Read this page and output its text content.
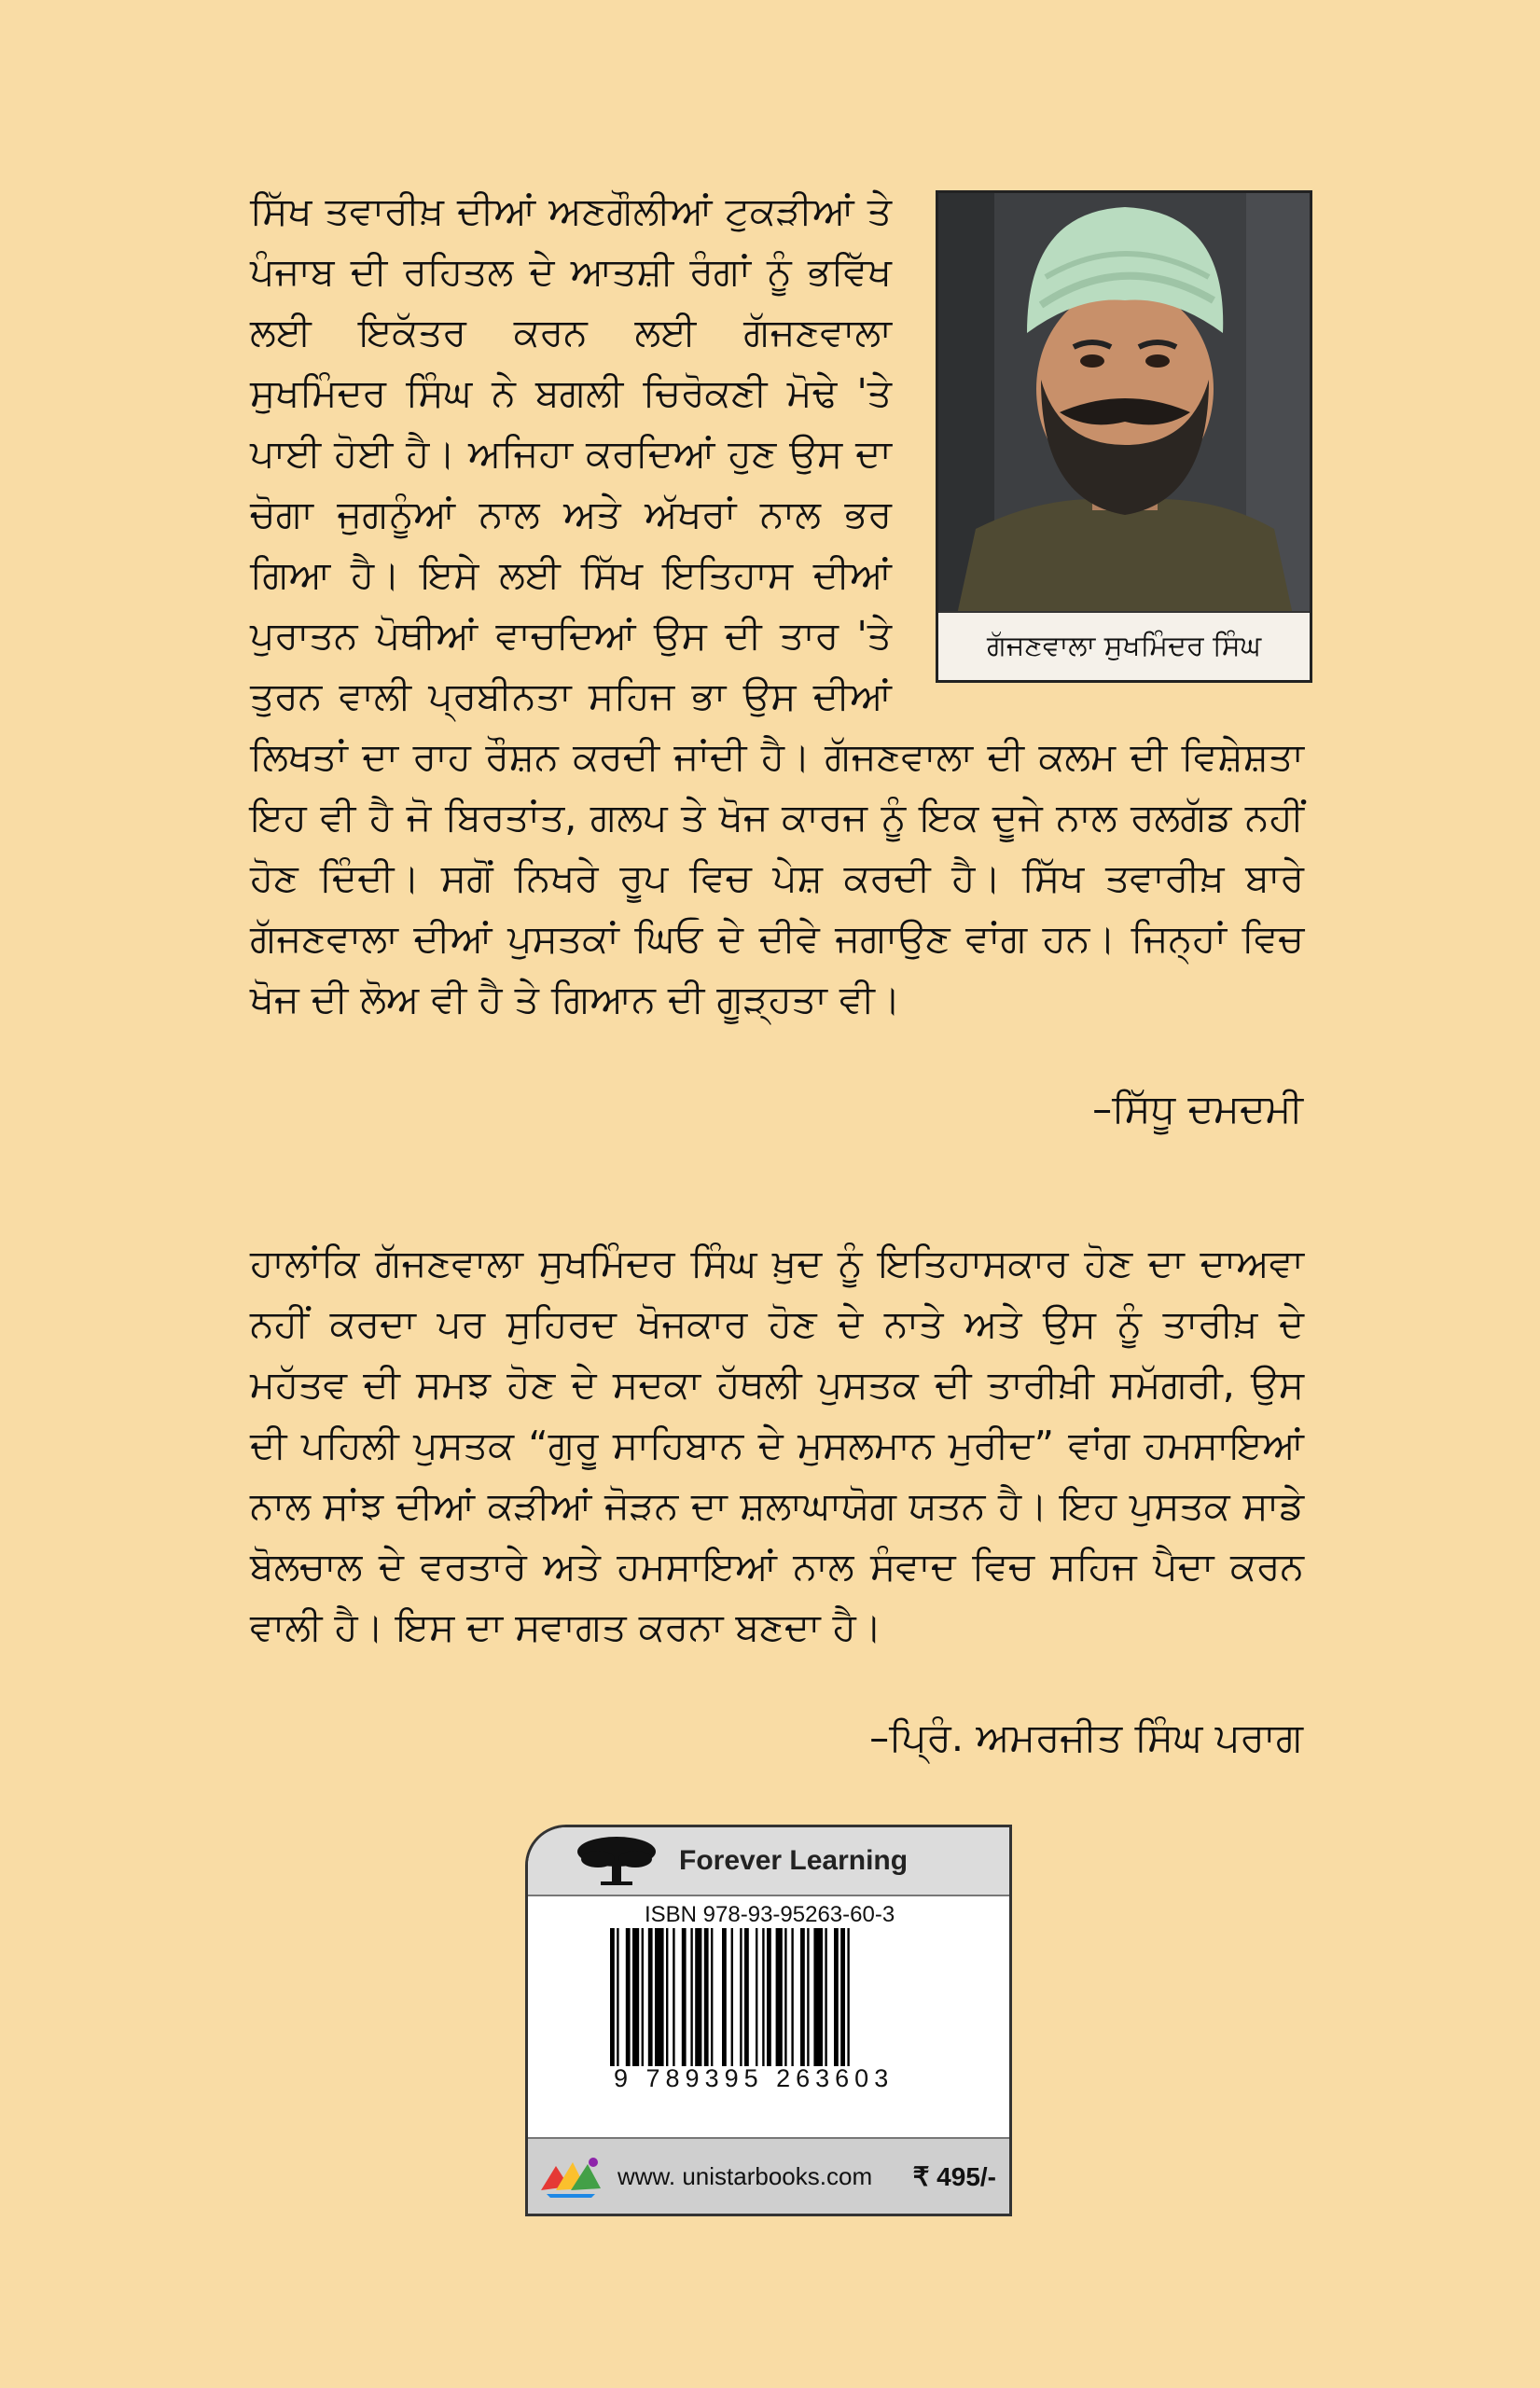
ਸਿੱਖ ਤਵਾਰੀਖ਼ ਦੀਆਂ ਅਣਗੌਲੀਆਂ ਟੁਕੜੀਆਂ ਤੇ ਪੰਜਾਬ ਦੀ ਰਹਿਤਲ ਦੇ ਆਤਸ਼ੀ ਰੰਗਾਂ ਨੂੰ ਭਵਿੱਖ ਲਈ ਇਕੱਤਰ ਕਰਨ ਲਈ ਗੱਜਣਵਾਲਾ ਸੁਖਮਿੰਦਰ ਸਿੰਘ ਨੇ ਬਗਲੀ ਚਿਰੋਕਣੀ ਮੋਢੇ 'ਤੇ ਪਾਈ ਹੋਈ ਹੈ। ਅਜਿਹਾ ਕਰਦਿਆਂ ਹੁਣ ਉਸ ਦਾ ਚੋਗਾ ਜੁਗਨੂੰਆਂ ਨਾਲ ਅਤੇ ਅੱਖਰਾਂ ਨਾਲ ਭਰ ਗਿਆ ਹੈ। ਇਸੇ ਲਈ ਸਿੱਖ ਇਤਿਹਾਸ ਦੀਆਂ ਪੁਰਾਤਨ ਪੋਥੀਆਂ ਵਾਚਦਿਆਂ ਉਸ ਦੀ ਤਾਰ 'ਤੇ ਤੁਰਨ ਵਾਲੀ ਪ੍ਰਬੀਨਤਾ ਸਹਿਜ ਭਾ ਉਸ ਦੀਆਂ ਲਿਖਤਾਂ ਦਾ ਰਾਹ ਰੌਸ਼ਨ ਕਰਦੀ ਜਾਂਦੀ ਹੈ। ਗੱਜਣਵਾਲਾ ਦੀ ਕਲਮ ਦੀ ਵਿਸ਼ੇਸ਼ਤਾ ਇਹ ਵੀ ਹੈ ਜੋ ਬਿਰਤਾਂਤ, ਗਲਪ ਤੇ ਖੋਜ ਕਾਰਜ ਨੂੰ ਇਕ ਦੂਜੇ ਨਾਲ ਰਲਗੱਡ ਨਹੀਂ ਹੋਣ ਦਿੰਦੀ। ਸਗੋਂ ਨਿਖਰੇ ਰੂਪ ਵਿਚ ਪੇਸ਼ ਕਰਦੀ ਹੈ। ਸਿੱਖ ਤਵਾਰੀਖ਼ ਬਾਰੇ ਗੱਜਣਵਾਲਾ ਦੀਆਂ ਪੁਸਤਕਾਂ ਘਿਓ ਦੇ ਦੀਵੇ ਜਗਾਉਣ ਵਾਂਗ ਹਨ। ਜਿਨ੍ਹਾਂ ਵਿਚ ਖੋਜ ਦੀ ਲੋਅ ਵੀ ਹੈ ਤੇ ਗਿਆਨ ਦੀ ਗੂੜ੍ਹਤਾ ਵੀ।

ਗੱਜਣਵਾਲਾ ਸੁਖਮਿੰਦਰ ਸਿੰਘ

–ਸਿੱਧੂ ਦਮਦਮੀ

ਹਾਲਾਂਕਿ ਗੱਜਣਵਾਲਾ ਸੁਖਮਿੰਦਰ ਸਿੰਘ ਖ਼ੁਦ ਨੂੰ ਇਤਿਹਾਸਕਾਰ ਹੋਣ ਦਾ ਦਾਅਵਾ ਨਹੀਂ ਕਰਦਾ ਪਰ ਸੁਹਿਰਦ ਖੋਜਕਾਰ ਹੋਣ ਦੇ ਨਾਤੇ ਅਤੇ ਉਸ ਨੂੰ ਤਾਰੀਖ਼ ਦੇ ਮਹੱਤਵ ਦੀ ਸਮਝ ਹੋਣ ਦੇ ਸਦਕਾ ਹੱਥਲੀ ਪੁਸਤਕ ਦੀ ਤਾਰੀਖ਼ੀ ਸਮੱਗਰੀ, ਉਸ ਦੀ ਪਹਿਲੀ ਪੁਸਤਕ “ਗੁਰੂ ਸਾਹਿਬਾਨ ਦੇ ਮੁਸਲਮਾਨ ਮੁਰੀਦ” ਵਾਂਗ ਹਮਸਾਇਆਂ ਨਾਲ ਸਾਂਝ ਦੀਆਂ ਕੜੀਆਂ ਜੋੜਨ ਦਾ ਸ਼ਲਾਘਾਯੋਗ ਯਤਨ ਹੈ। ਇਹ ਪੁਸਤਕ ਸਾਡੇ ਬੋਲਚਾਲ ਦੇ ਵਰਤਾਰੇ ਅਤੇ ਹਮਸਾਇਆਂ ਨਾਲ ਸੰਵਾਦ ਵਿਚ ਸਹਿਜ ਪੈਦਾ ਕਰਨ ਵਾਲੀ ਹੈ। ਇਸ ਦਾ ਸਵਾਗਤ ਕਰਨਾ ਬਣਦਾ ਹੈ।

–ਪ੍ਰਿੰ. ਅਮਰਜੀਤ ਸਿੰਘ ਪਰਾਗ

Forever Learning
ISBN 978-93-95263-60-3
9 789395 263603
www. unistarbooks.com ₹ 495/-
